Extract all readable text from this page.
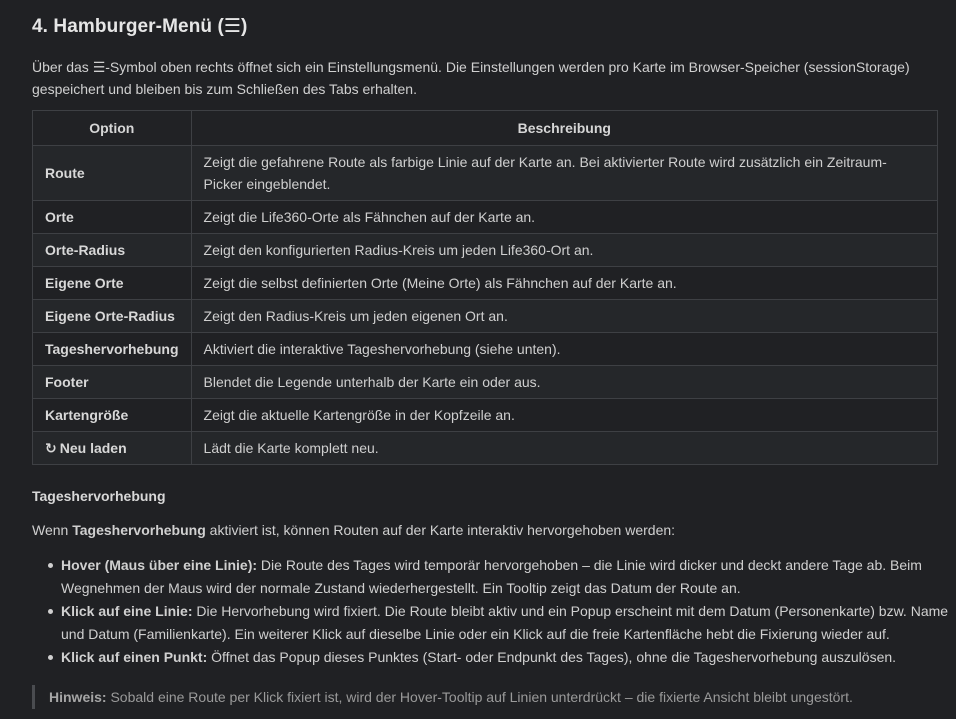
4. Hamburger-Menü (☰)

Über das ☰-Symbol oben rechts öffnet sich ein Einstellungsmenü. Die Einstellungen werden pro Karte im Browser-Speicher (sessionStorage) gespeichert und bleiben bis zum Schließen des Tabs erhalten.

Option	Beschreibung
Route	Zeigt die gefahrene Route als farbige Linie auf der Karte an. Bei aktivierter Route wird zusätzlich ein Zeitraum-Picker eingeblendet.
Orte	Zeigt die Life360-Orte als Fähnchen auf der Karte an.
Orte-Radius	Zeigt den konfigurierten Radius-Kreis um jeden Life360-Ort an.
Eigene Orte	Zeigt die selbst definierten Orte (Meine Orte) als Fähnchen auf der Karte an.
Eigene Orte-Radius	Zeigt den Radius-Kreis um jeden eigenen Ort an.
Tageshervorhebung	Aktiviert die interaktive Tageshervorhebung (siehe unten).
Footer	Blendet die Legende unterhalb der Karte ein oder aus.
Kartengröße	Zeigt die aktuelle Kartengröße in der Kopfzeile an.
↻ Neu laden	Lädt die Karte komplett neu.
Tageshervorhebung

Wenn Tageshervorhebung aktiviert ist, können Routen auf der Karte interaktiv hervorgehoben werden:

Hover (Maus über eine Linie): Die Route des Tages wird temporär hervorgehoben – die Linie wird dicker und deckt andere Tage ab. Beim Wegnehmen der Maus wird der normale Zustand wiederhergestellt. Ein Tooltip zeigt das Datum der Route an.
Klick auf eine Linie: Die Hervorhebung wird fixiert. Die Route bleibt aktiv und ein Popup erscheint mit dem Datum (Personenkarte) bzw. Name und Datum (Familienkarte). Ein weiterer Klick auf dieselbe Linie oder ein Klick auf die freie Kartenfläche hebt die Fixierung wieder auf.
Klick auf einen Punkt: Öffnet das Popup dieses Punktes (Start- oder Endpunkt des Tages), ohne die Tageshervorhebung auszulösen.
Hinweis: Sobald eine Route per Klick fixiert ist, wird der Hover-Tooltip auf Linien unterdrückt – die fixierte Ansicht bleibt ungestört.
